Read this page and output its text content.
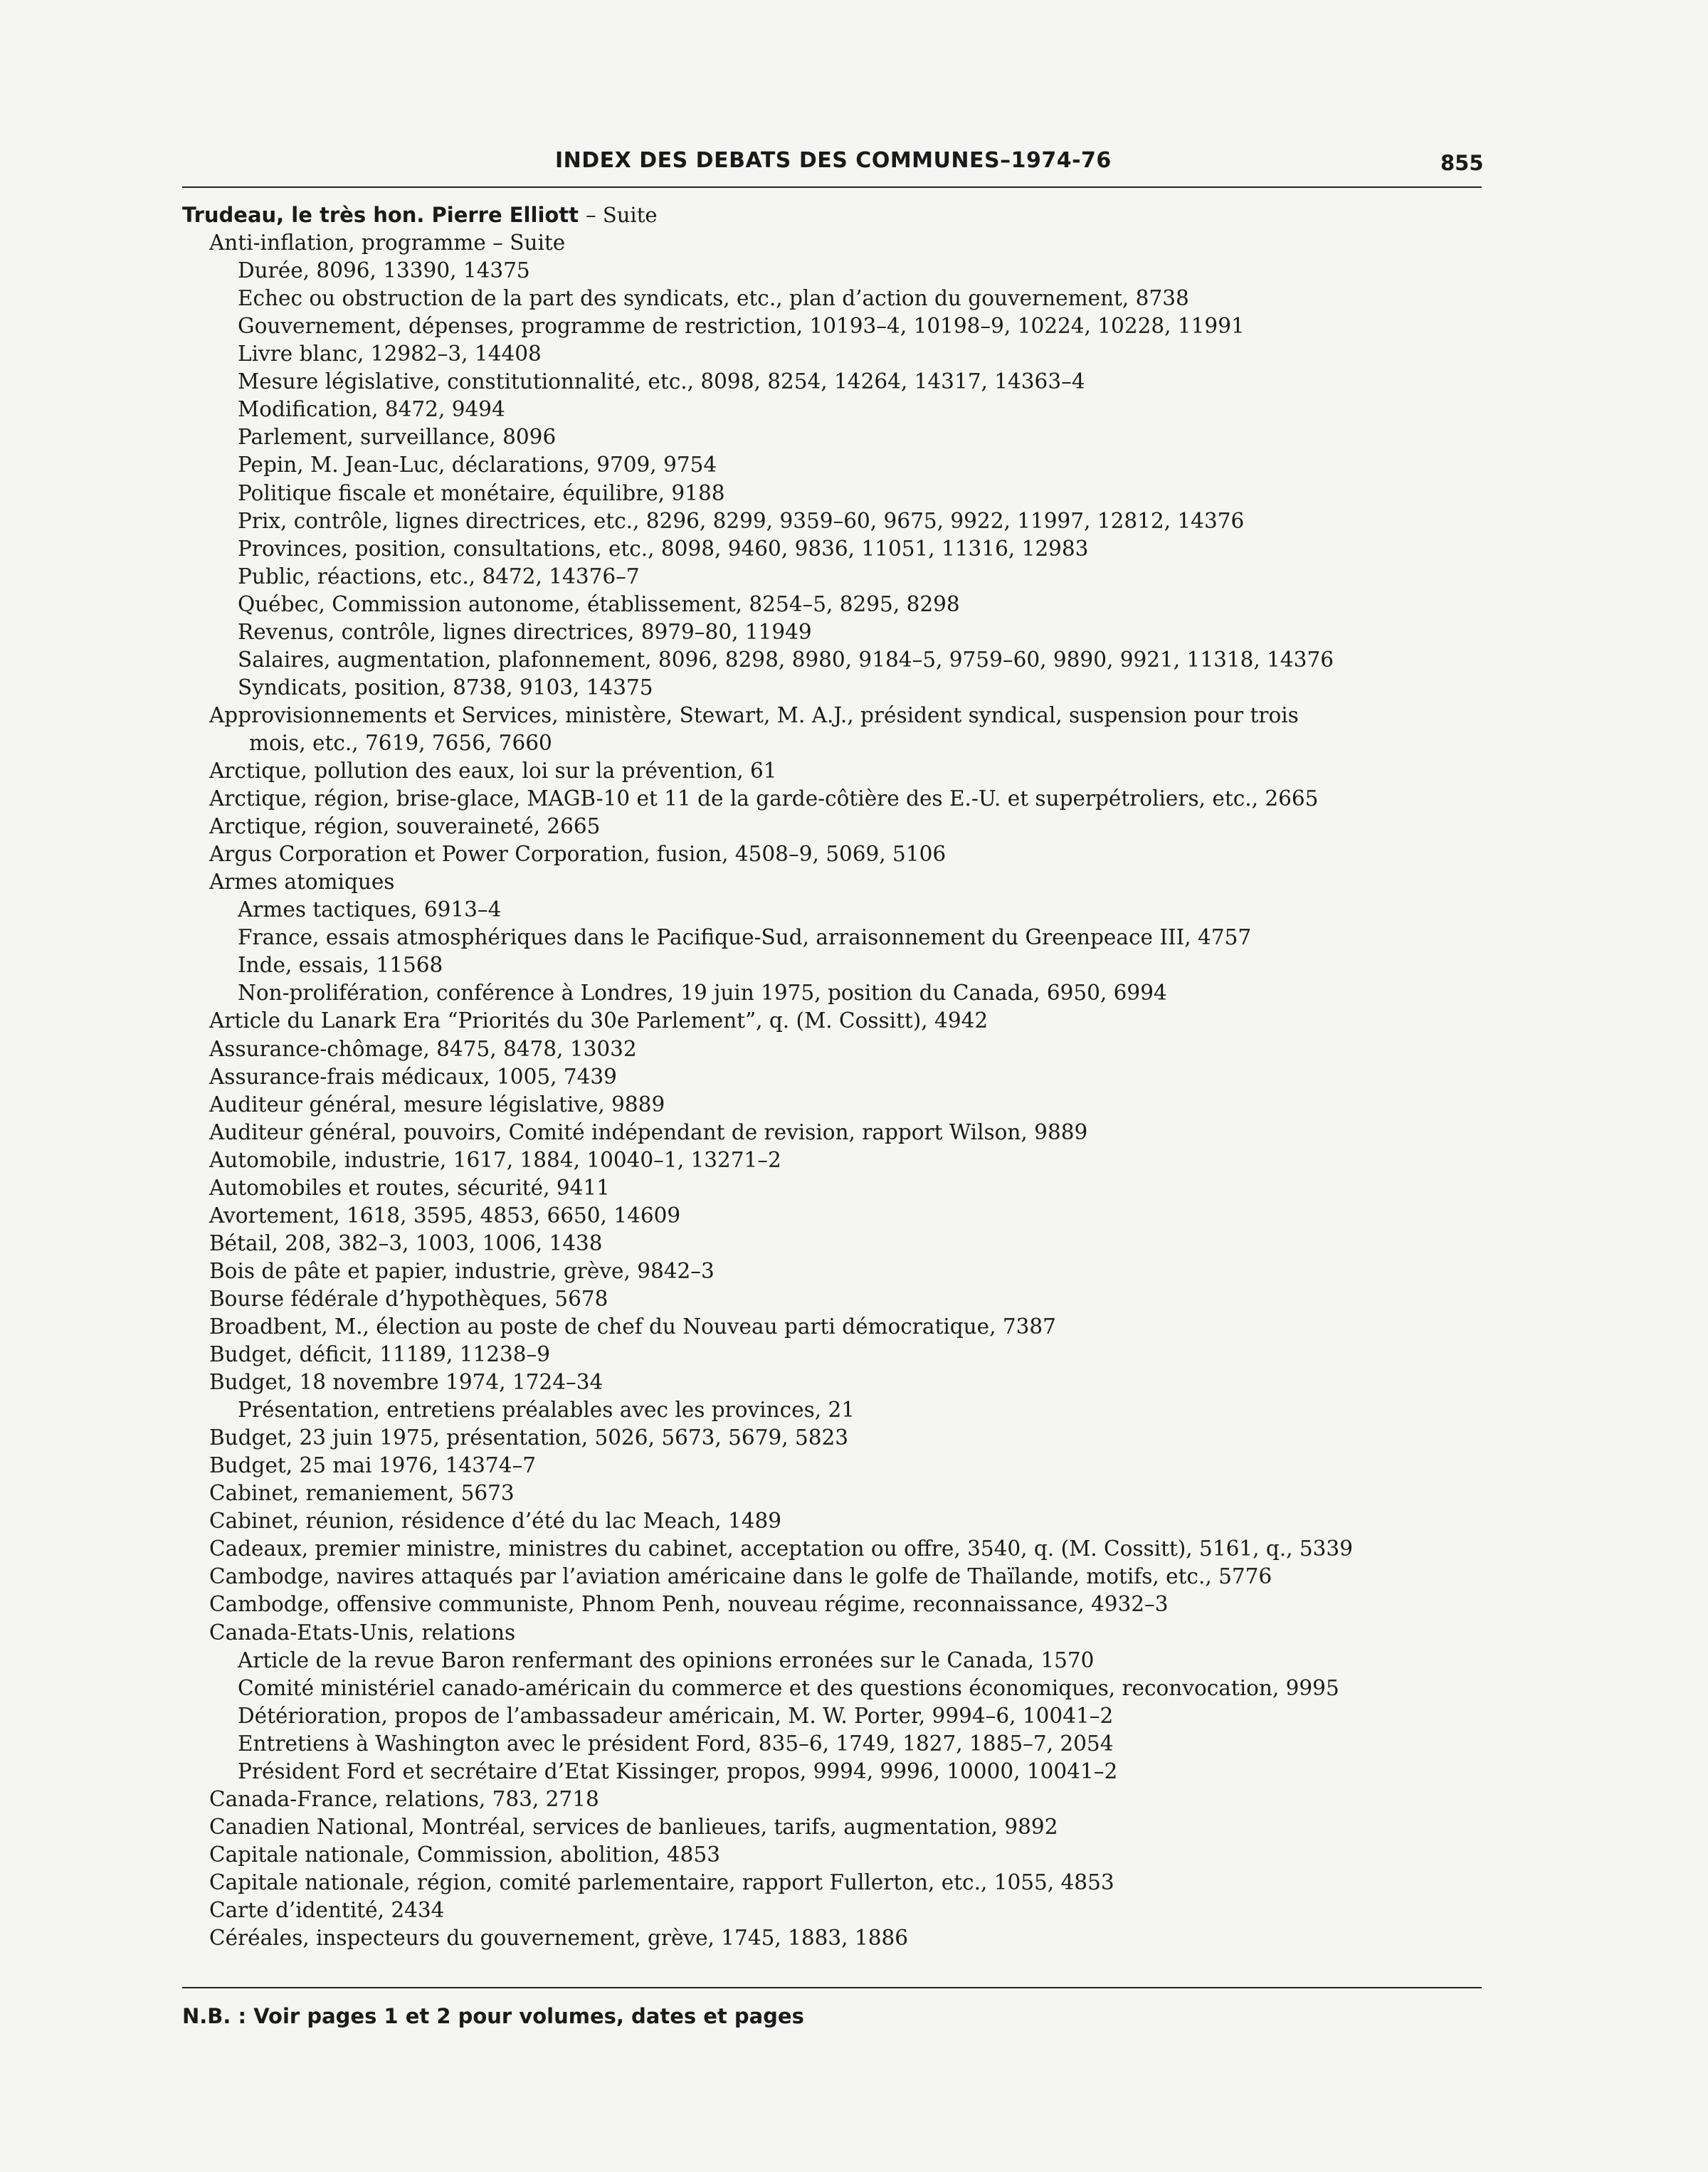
INDEX DES DEBATS DES COMMUNES–1974-76	855
Trudeau, le très hon. Pierre Elliott – Suite
Anti-inflation, programme – Suite
Durée, 8096, 13390, 14375
Echec ou obstruction de la part des syndicats, etc., plan d’action du gouvernement, 8738
Gouvernement, dépenses, programme de restriction, 10193–4, 10198–9, 10224, 10228, 11991
Livre blanc, 12982–3, 14408
Mesure législative, constitutionnalité, etc., 8098, 8254, 14264, 14317, 14363–4
Modification, 8472, 9494
Parlement, surveillance, 8096
Pepin, M. Jean-Luc, déclarations, 9709, 9754
Politique fiscale et monétaire, équilibre, 9188
Prix, contrôle, lignes directrices, etc., 8296, 8299, 9359–60, 9675, 9922, 11997, 12812, 14376
Provinces, position, consultations, etc., 8098, 9460, 9836, 11051, 11316, 12983
Public, réactions, etc., 8472, 14376–7
Québec, Commission autonome, établissement, 8254–5, 8295, 8298
Revenus, contrôle, lignes directrices, 8979–80, 11949
Salaires, augmentation, plafonnement, 8096, 8298, 8980, 9184–5, 9759–60, 9890, 9921, 11318, 14376
Syndicats, position, 8738, 9103, 14375
Approvisionnements et Services, ministère, Stewart, M. A.J., président syndical, suspension pour trois
mois, etc., 7619, 7656, 7660
Arctique, pollution des eaux, loi sur la prévention, 61
Arctique, région, brise-glace, MAGB-10 et 11 de la garde-côtière des E.-U. et superpétroliers, etc., 2665
Arctique, région, souveraineté, 2665
Argus Corporation et Power Corporation, fusion, 4508–9, 5069, 5106
Armes atomiques
Armes tactiques, 6913–4
France, essais atmosphériques dans le Pacifique-Sud, arraisonnement du Greenpeace III, 4757
Inde, essais, 11568
Non-prolifération, conférence à Londres, 19 juin 1975, position du Canada, 6950, 6994
Article du Lanark Era “Priorités du 30e Parlement”, q. (M. Cossitt), 4942
Assurance-chômage, 8475, 8478, 13032
Assurance-frais médicaux, 1005, 7439
Auditeur général, mesure législative, 9889
Auditeur général, pouvoirs, Comité indépendant de revision, rapport Wilson, 9889
Automobile, industrie, 1617, 1884, 10040–1, 13271–2
Automobiles et routes, sécurité, 9411
Avortement, 1618, 3595, 4853, 6650, 14609
Bétail, 208, 382–3, 1003, 1006, 1438
Bois de pâte et papier, industrie, grève, 9842–3
Bourse fédérale d’hypothèques, 5678
Broadbent, M., élection au poste de chef du Nouveau parti démocratique, 7387
Budget, déficit, 11189, 11238–9
Budget, 18 novembre 1974, 1724–34
Présentation, entretiens préalables avec les provinces, 21
Budget, 23 juin 1975, présentation, 5026, 5673, 5679, 5823
Budget, 25 mai 1976, 14374–7
Cabinet, remaniement, 5673
Cabinet, réunion, résidence d’été du lac Meach, 1489
Cadeaux, premier ministre, ministres du cabinet, acceptation ou offre, 3540, q. (M. Cossitt), 5161, q., 5339
Cambodge, navires attaqués par l’aviation américaine dans le golfe de Thaïlande, motifs, etc., 5776
Cambodge, offensive communiste, Phnom Penh, nouveau régime, reconnaissance, 4932–3
Canada-Etats-Unis, relations
Article de la revue Baron renfermant des opinions erronées sur le Canada, 1570
Comité ministériel canado-américain du commerce et des questions économiques, reconvocation, 9995
Détérioration, propos de l’ambassadeur américain, M. W. Porter, 9994–6, 10041–2
Entretiens à Washington avec le président Ford, 835–6, 1749, 1827, 1885–7, 2054
Président Ford et secrétaire d’Etat Kissinger, propos, 9994, 9996, 10000, 10041–2
Canada-France, relations, 783, 2718
Canadien National, Montréal, services de banlieues, tarifs, augmentation, 9892
Capitale nationale, Commission, abolition, 4853
Capitale nationale, région, comité parlementaire, rapport Fullerton, etc., 1055, 4853
Carte d’identité, 2434
Céréales, inspecteurs du gouvernement, grève, 1745, 1883, 1886
N.B. : Voir pages 1 et 2 pour volumes, dates et pages
